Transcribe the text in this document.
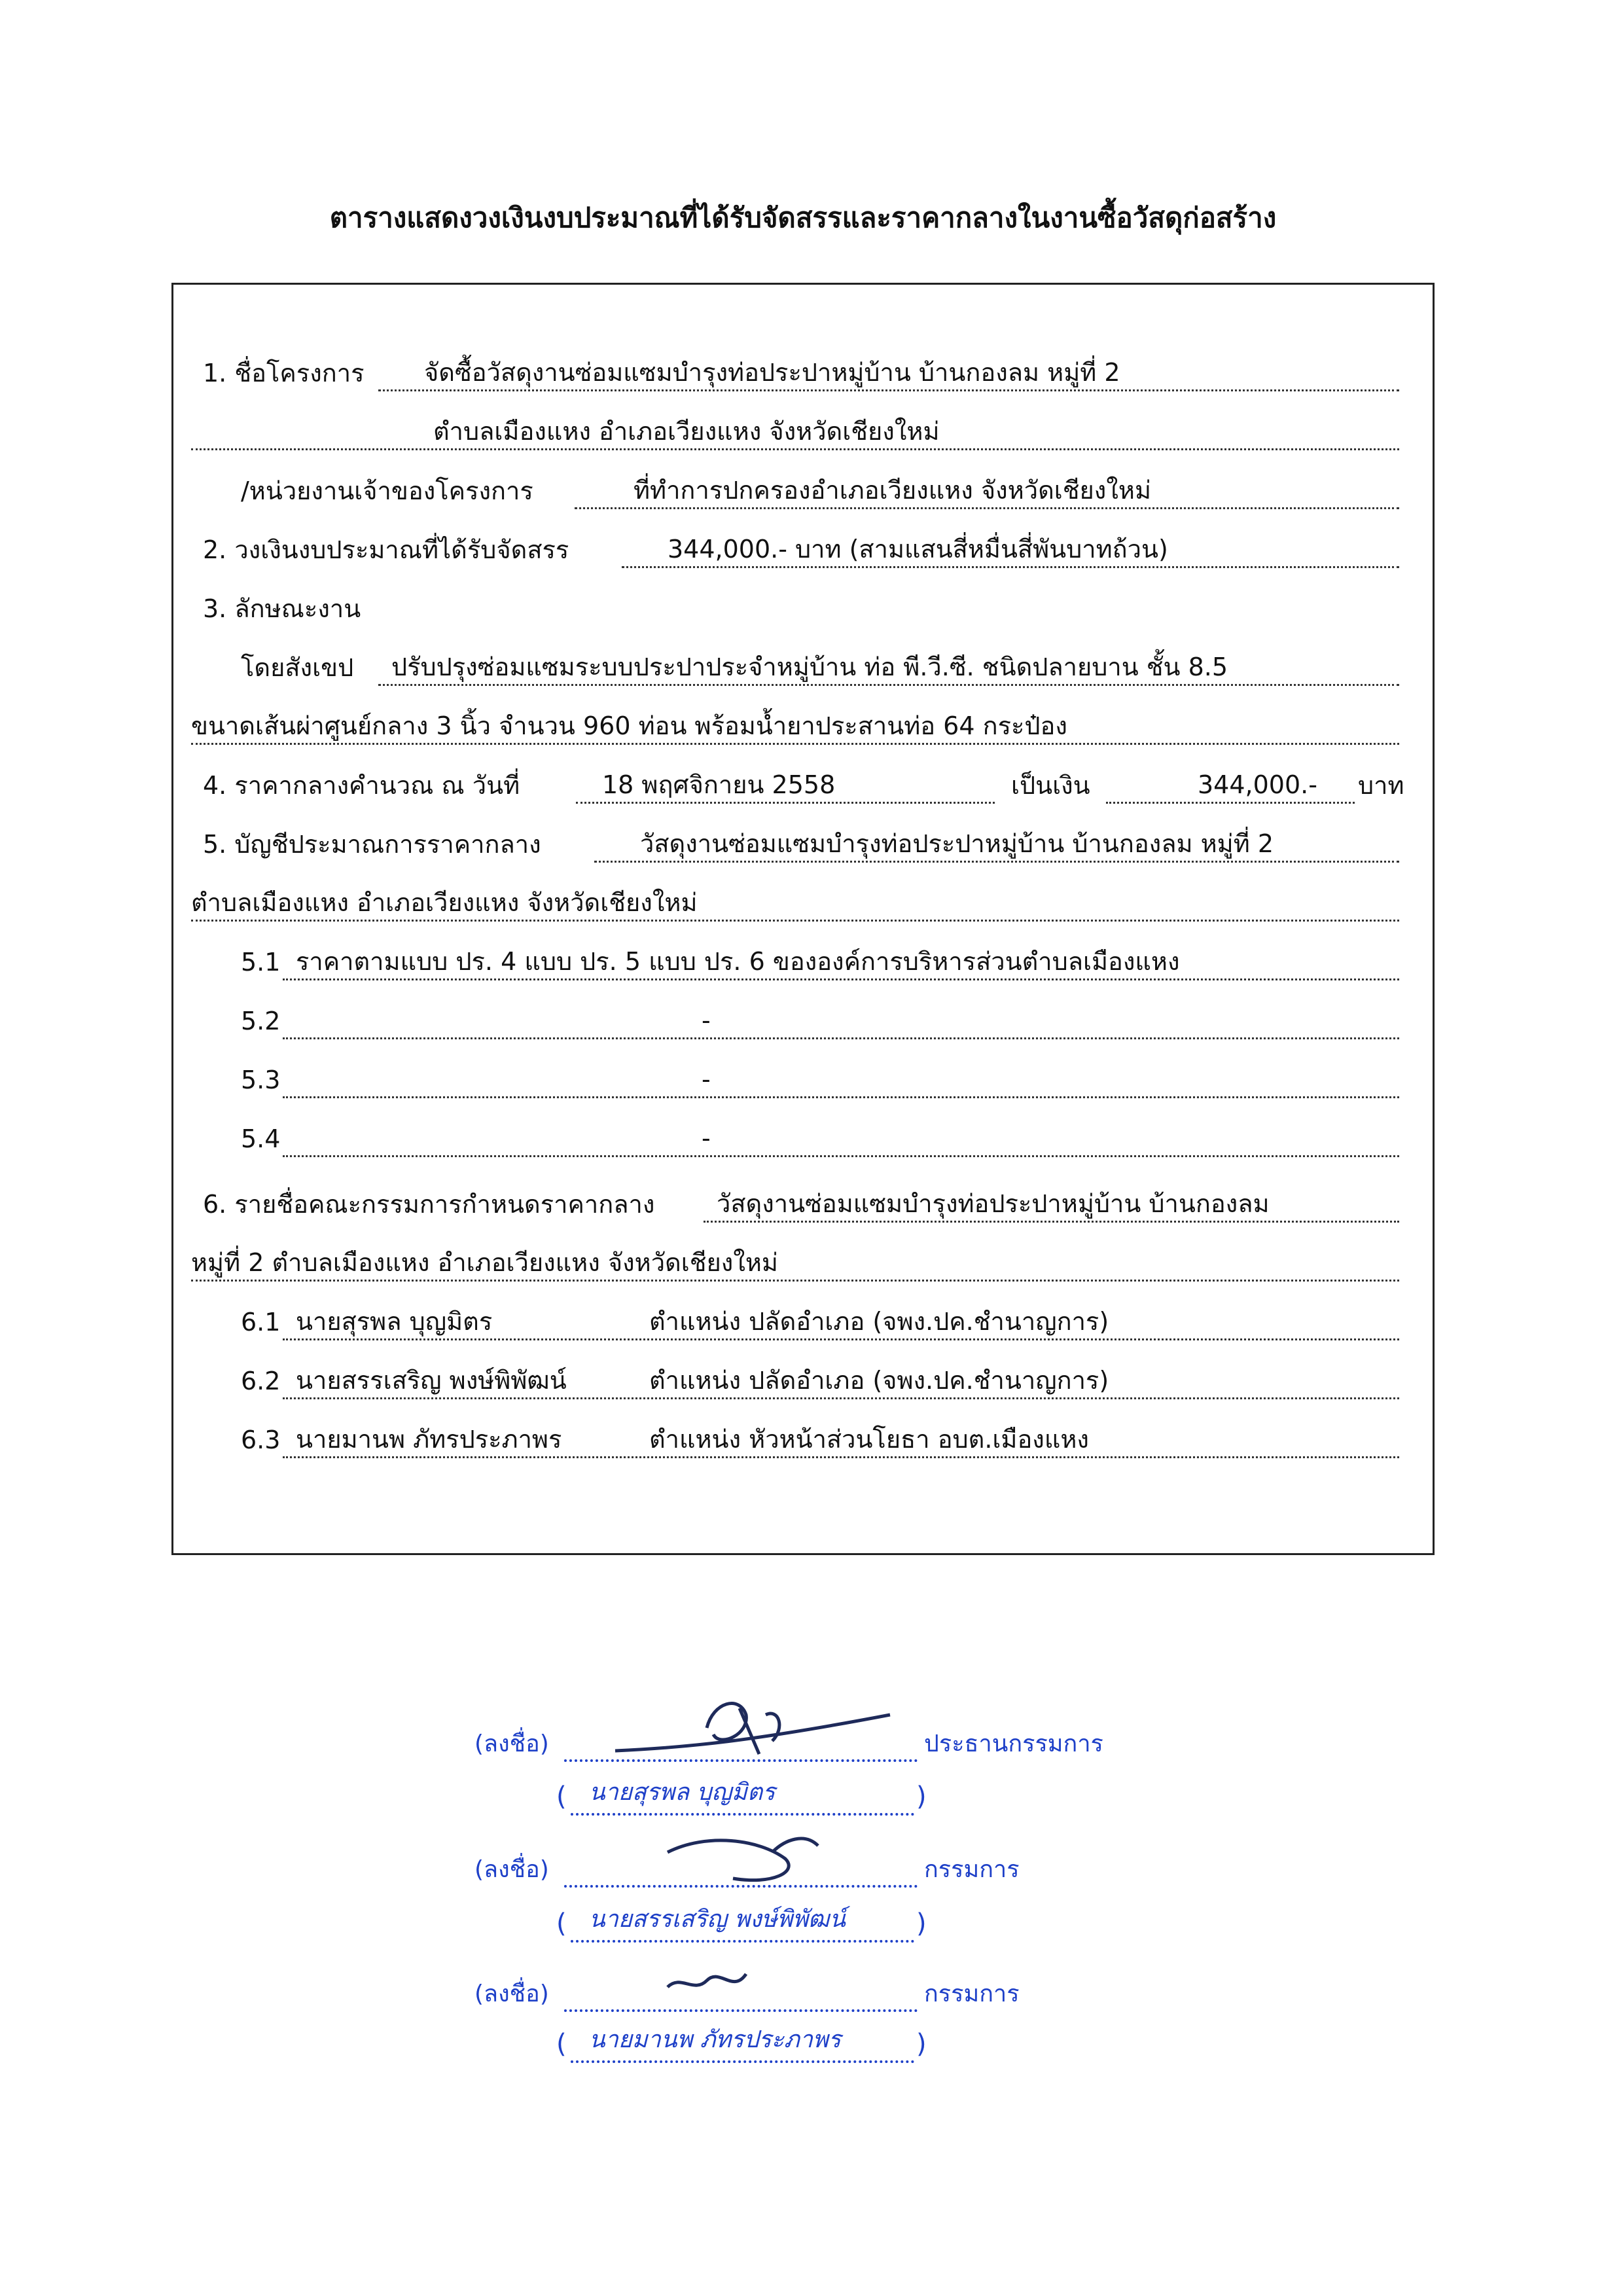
ตารางแสดงวงเงินงบประมาณที่ได้รับจัดสรรและราคากลางในงานซื้อวัสดุก่อสร้าง
1. ชื่อโครงการ	จัดซื้อวัสดุงานซ่อมแซมบำรุงท่อประปาหมู่บ้าน บ้านกองลม หมู่ที่ 2
ตำบลเมืองแหง อำเภอเวียงแหง จังหวัดเชียงใหม่
/หน่วยงานเจ้าของโครงการ	ที่ทำการปกครองอำเภอเวียงแหง จังหวัดเชียงใหม่
2. วงเงินงบประมาณที่ได้รับจัดสรร	344,000.- บาท (สามแสนสี่หมื่นสี่พันบาทถ้วน)
3. ลักษณะงาน
โดยสังเขป	ปรับปรุงซ่อมแซมระบบประปาประจำหมู่บ้าน ท่อ พี.วี.ซี. ชนิดปลายบาน ชั้น 8.5
ขนาดเส้นผ่าศูนย์กลาง 3 นิ้ว จำนวน 960 ท่อน พร้อมน้ำยาประสานท่อ 64 กระป๋อง
4. ราคากลางคำนวณ ณ วันที่	18 พฤศจิกายน 2558	เป็นเงิน	344,000.-	บาท
5. บัญชีประมาณการราคากลาง	วัสดุงานซ่อมแซมบำรุงท่อประปาหมู่บ้าน บ้านกองลม หมู่ที่ 2
ตำบลเมืองแหง อำเภอเวียงแหง จังหวัดเชียงใหม่
5.1 ราคาตามแบบ ปร. 4 แบบ ปร. 5 แบบ ปร. 6 ขององค์การบริหารส่วนตำบลเมืองแหง
5.2	-
5.3	-
5.4	-
6. รายชื่อคณะกรรมการกำหนดราคากลาง	วัสดุงานซ่อมแซมบำรุงท่อประปาหมู่บ้าน บ้านกองลม
หมู่ที่ 2 ตำบลเมืองแหง อำเภอเวียงแหง จังหวัดเชียงใหม่
6.1 นายสุรพล บุญมิตร	ตำแหน่ง ปลัดอำเภอ (จพง.ปค.ชำนาญการ)
6.2 นายสรรเสริญ พงษ์พิพัฒน์	ตำแหน่ง ปลัดอำเภอ (จพง.ปค.ชำนาญการ)
6.3 นายมานพ ภัทรประภาพร	ตำแหน่ง หัวหน้าส่วนโยธา อบต.เมืองแหง
(ลงชื่อ)	ประธานกรรมการ
( นายสุรพล บุญมิตร	)
(ลงชื่อ)	กรรมการ
( นายสรรเสริญ พงษ์พิพัฒน์	)
(ลงชื่อ)	กรรมการ
( นายมานพ ภัทรประภาพร	)
